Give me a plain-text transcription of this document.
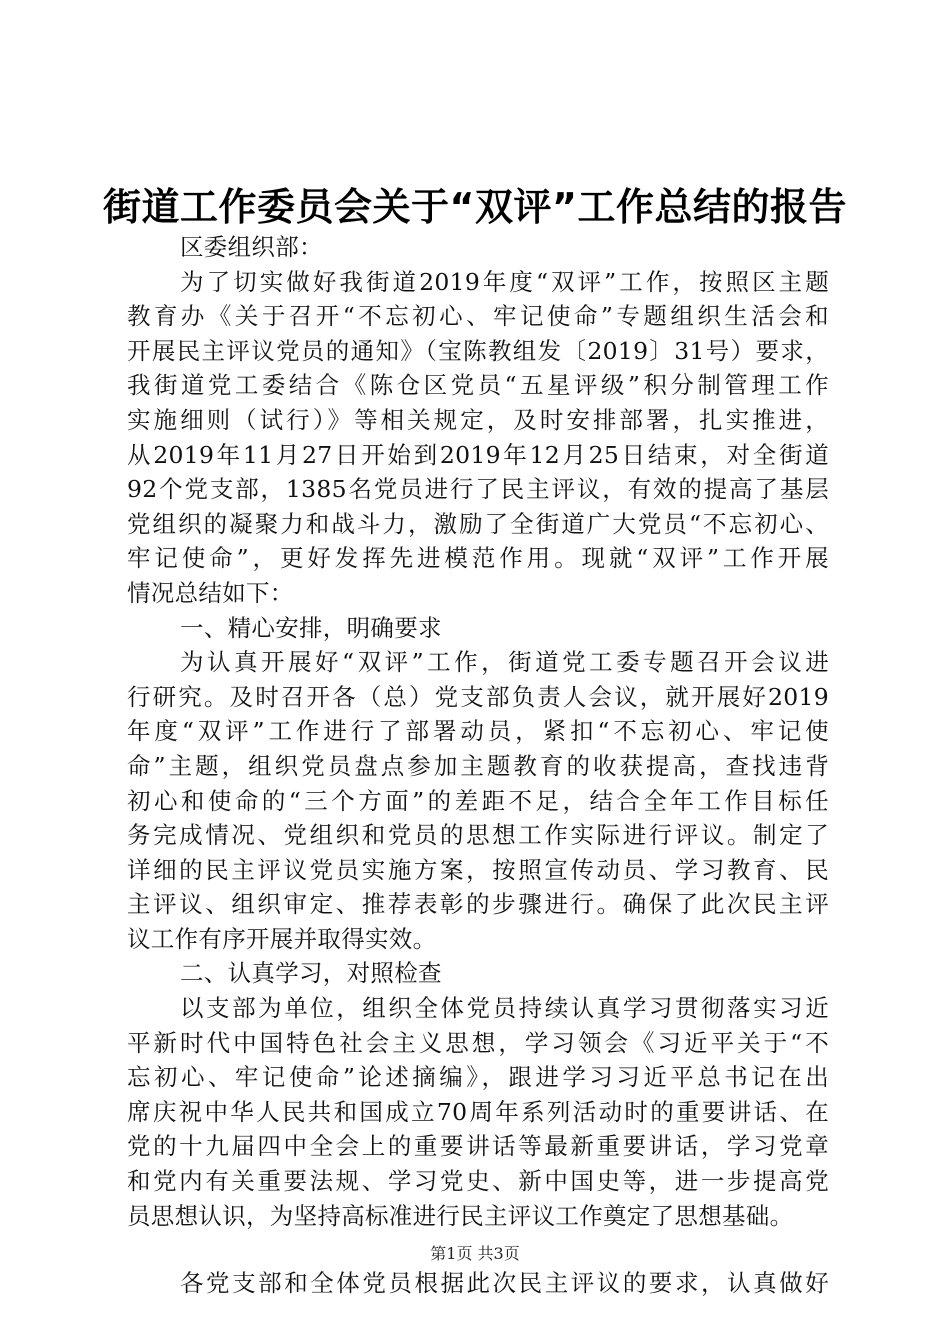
街道工作委员会关于“双评”工作总结的报告
区委组织部：
为了切实做好我街道2019年度“双评”工作，按照区主题
教育办《关于召开“不忘初心、牢记使命”专题组织生活会和
开展民主评议党员的通知》（宝陈教组发〔2019〕31号）要求，
我街道党工委结合《陈仓区党员“五星评级”积分制管理工作
实施细则（试行）》等相关规定，及时安排部署，扎实推进，
从2019年11月27日开始到2019年12月25日结束，对全街道
92个党支部，1385名党员进行了民主评议，有效的提高了基层
党组织的凝聚力和战斗力，激励了全街道广大党员“不忘初心、
牢记使命”，更好发挥先进模范作用。现就“双评”工作开展
情况总结如下：
一、精心安排，明确要求
为认真开展好“双评”工作，街道党工委专题召开会议进
行研究。及时召开各（总）党支部负责人会议，就开展好2019
年度“双评”工作进行了部署动员，紧扣“不忘初心、牢记使
命”主题，组织党员盘点参加主题教育的收获提高，查找违背
初心和使命的“三个方面”的差距不足，结合全年工作目标任
务完成情况、党组织和党员的思想工作实际进行评议。制定了
详细的民主评议党员实施方案，按照宣传动员、学习教育、民
主评议、组织审定、推荐表彰的步骤进行。确保了此次民主评
议工作有序开展并取得实效。
二、认真学习，对照检查
以支部为单位，组织全体党员持续认真学习贯彻落实习近
平新时代中国特色社会主义思想，学习领会《习近平关于“不
忘初心、牢记使命”论述摘编》，跟进学习习近平总书记在出
席庆祝中华人民共和国成立70周年系列活动时的重要讲话、在
党的十九届四中全会上的重要讲话等最新重要讲话，学习党章
和党内有关重要法规、学习党史、新中国史等，进一步提高党
员思想认识，为坚持高标准进行民主评议工作奠定了思想基础。
各党支部和全体党员根据此次民主评议的要求，认真做好
第1页 共3页
